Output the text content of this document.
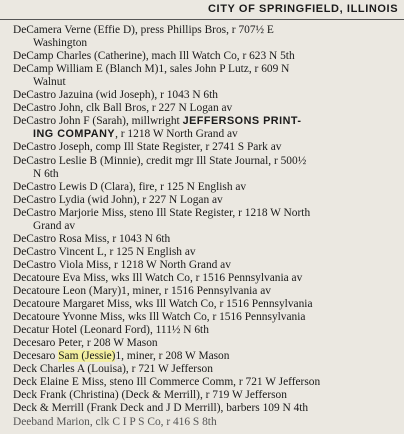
CITY OF SPRINGFIELD, ILLINOIS
DeCamera Verne (Effie D), press Phillips Bros, r 707½ E
Washington
DeCamp Charles (Catherine), mach Ill Watch Co, r 623 N 5th
DeCamp William E (Blanch M)1, sales John P Lutz, r 609 N
Walnut
DeCastro Jazuina (wid Joseph), r 1043 N 6th
DeCastro John, clk Ball Bros, r 227 N Logan av
DeCastro John F (Sarah), millwright JEFFERSONS PRINT-
ING COMPANY, r 1218 W North Grand av
DeCastro Joseph, comp Ill State Register, r 2741 S Park av
DeCastro Leslie B (Minnie), credit mgr Ill State Journal, r 500½
N 6th
DeCastro Lewis D (Clara), fire, r 125 N English av
DeCastro Lydia (wid John), r 227 N Logan av
DeCastro Marjorie Miss, steno Ill State Register, r 1218 W North
Grand av
DeCastro Rosa Miss, r 1043 N 6th
DeCastro Vincent L, r 125 N English av
DeCastro Viola Miss, r 1218 W North Grand av
Decatoure Eva Miss, wks Ill Watch Co, r 1516 Pennsylvania av
Decatoure Leon (Mary)1, miner, r 1516 Pennsylvania av
Decatoure Margaret Miss, wks Ill Watch Co, r 1516 Pennsylvania
Decatoure Yvonne Miss, wks Ill Watch Co, r 1516 Pennsylvania
Decatur Hotel (Leonard Ford), 111½ N 6th
Decesaro Peter, r 208 W Mason
Decesaro Sam (Jessie)1, miner, r 208 W Mason
Deck Charles A (Louisa), r 721 W Jefferson
Deck Elaine E Miss, steno Ill Commerce Comm, r 721 W Jefferson
Deck Frank (Christina) (Deck & Merrill), r 719 W Jefferson
Deck & Merrill (Frank Deck and J D Merrill), barbers 109 N 4th
Deeband Marion, clk C I P S Co, r 416 S 8th
